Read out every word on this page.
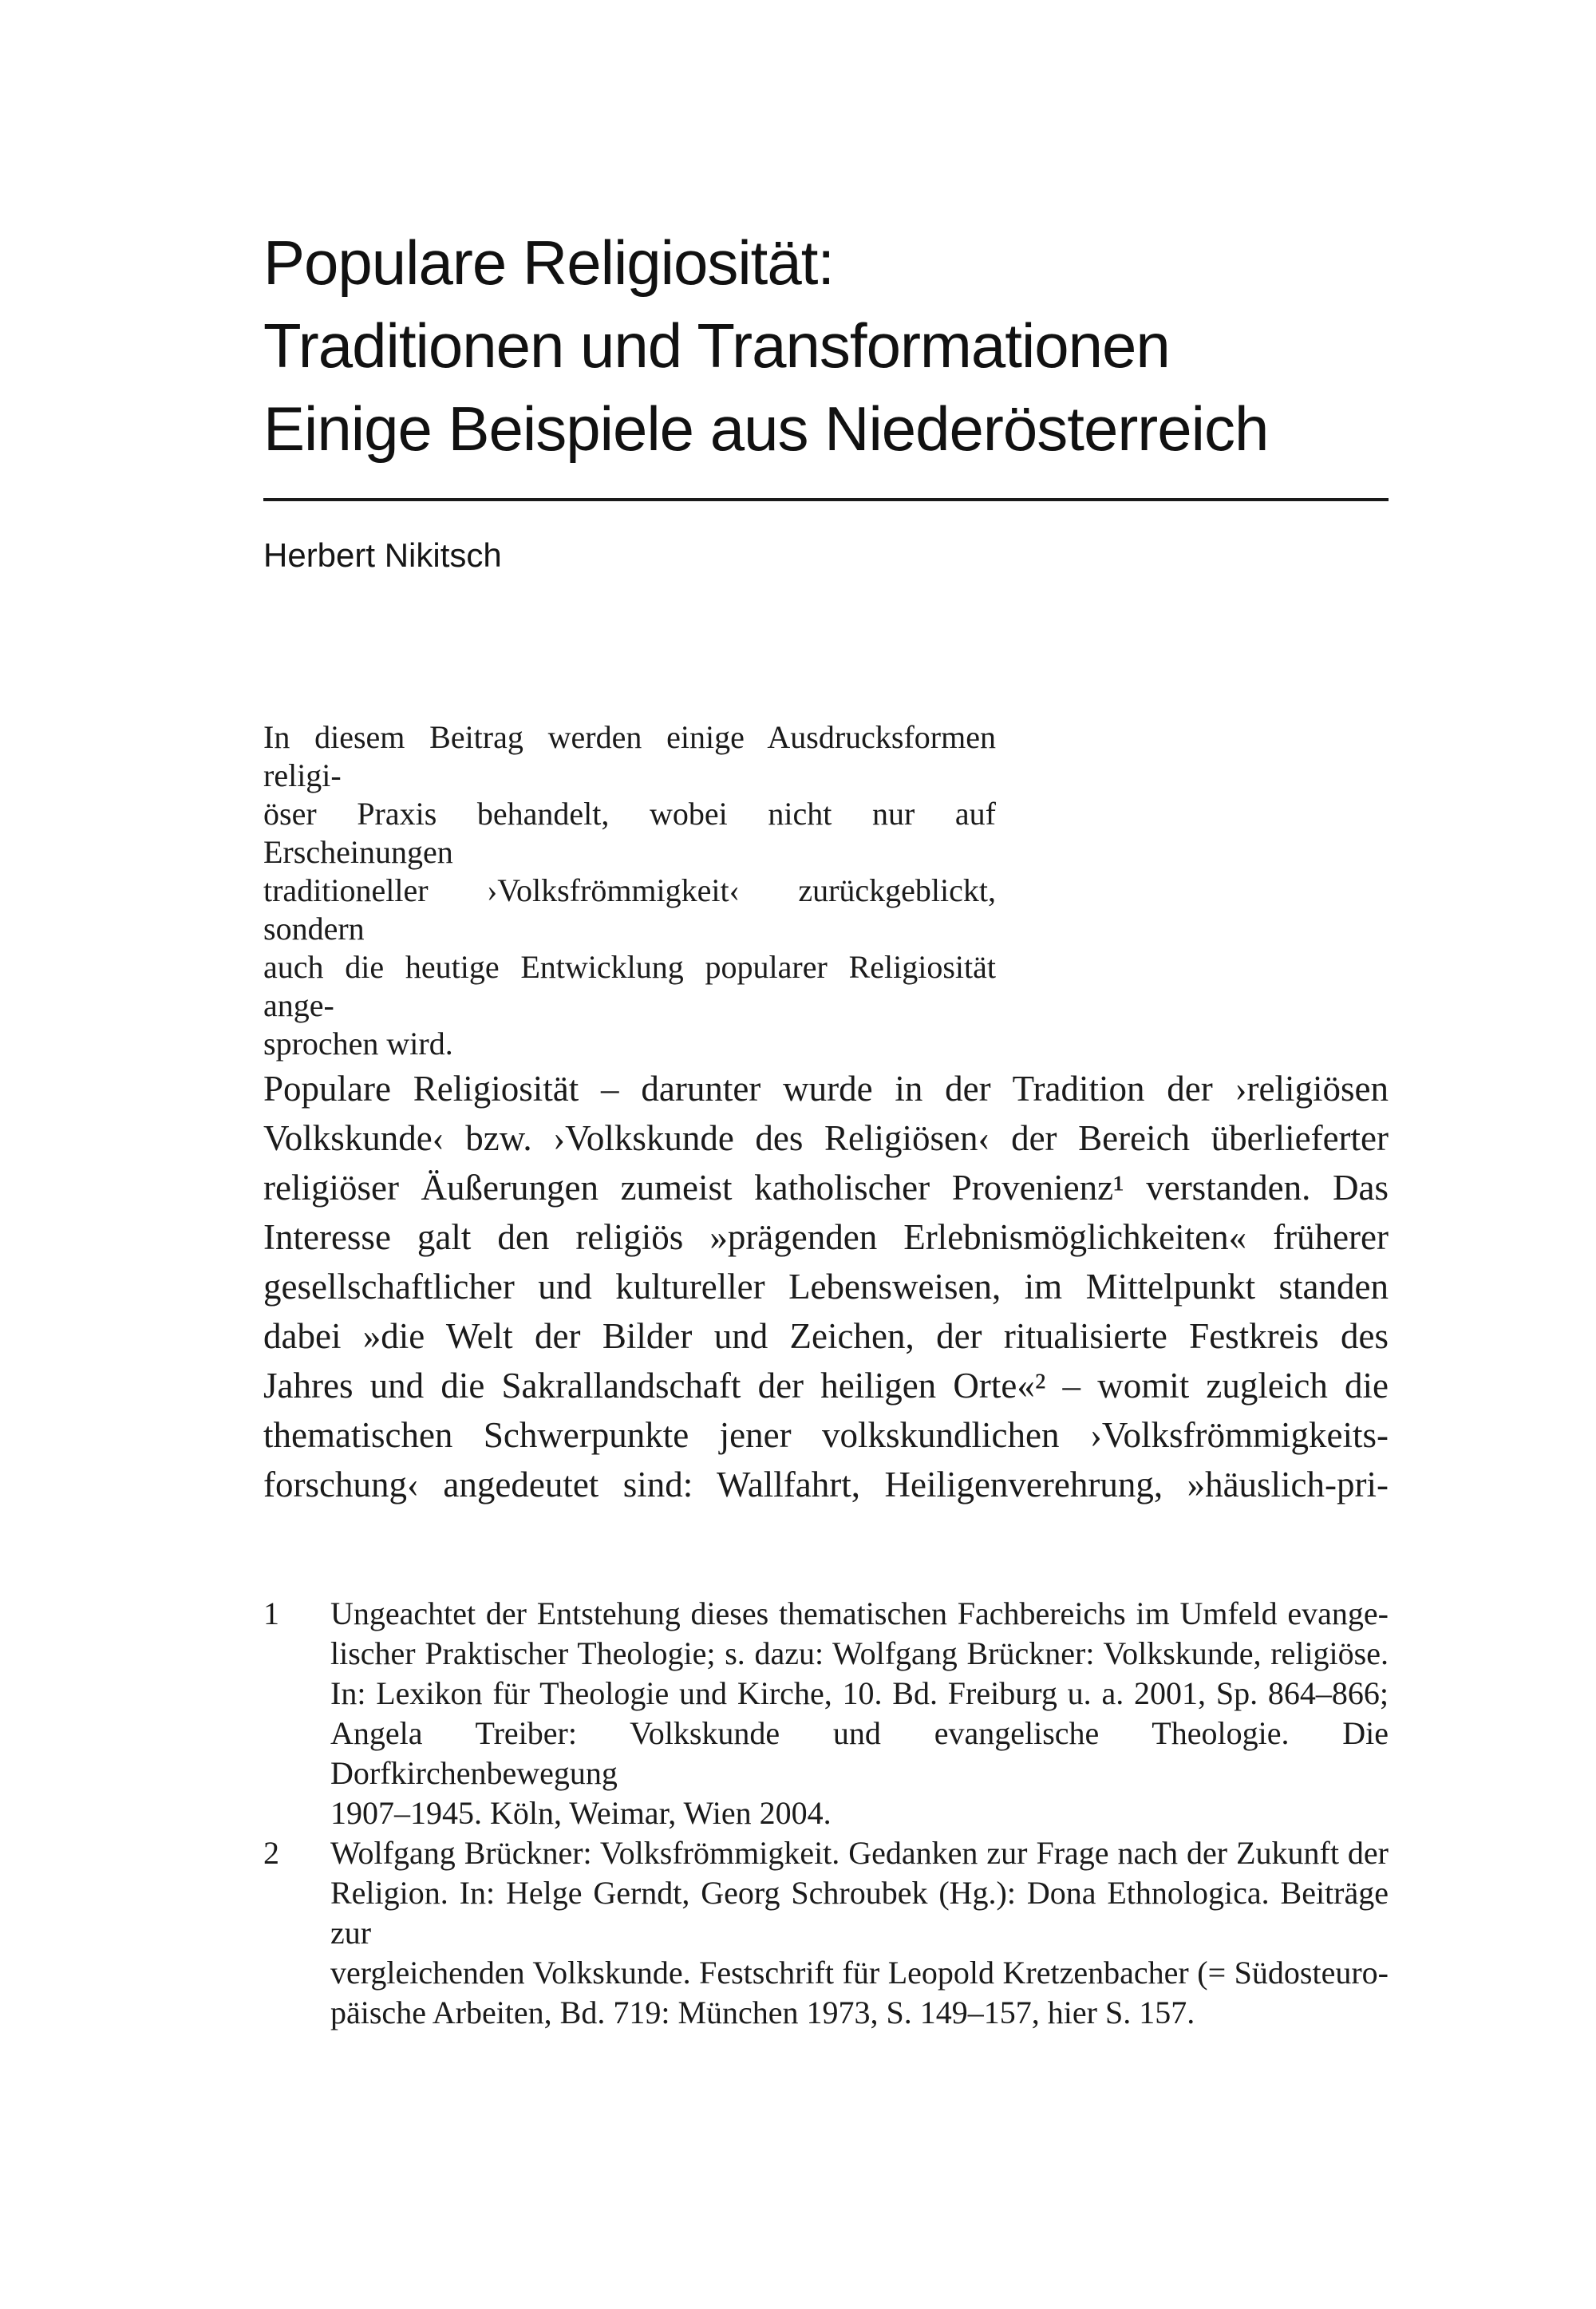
Populare Religiosität:
Traditionen und Transformationen
Einige Beispiele aus Niederösterreich
Herbert Nikitsch
In diesem Beitrag werden einige Ausdrucksformen religi-
öser Praxis behandelt, wobei nicht nur auf Erscheinungen
traditioneller ›Volksfrömmigkeit‹ zurückgeblickt, sondern
auch die heutige Entwicklung popularer Religiosität ange-
sprochen wird.
Populare Religiosität – darunter wurde in der Tradition der ›religiösen
Volkskunde‹ bzw. ›Volkskunde des Religiösen‹ der Bereich überlieferter
religiöser Äußerungen zumeist katholischer Provenienz¹ verstanden. Das
Interesse galt den religiös »prägenden Erlebnismöglichkeiten« früherer
gesellschaftlicher und kultureller Lebensweisen, im Mittelpunkt standen
dabei »die Welt der Bilder und Zeichen, der ritualisierte Festkreis des
Jahres und die Sakrallandschaft der heiligen Orte«² – womit zugleich die
thematischen Schwerpunkte jener volkskundlichen ›Volksfrömmigkeits-
forschung‹ angedeutet sind: Wallfahrt, Heiligenverehrung, »häuslich-pri-
1	Ungeachtet der Entstehung dieses thematischen Fachbereichs im Umfeld evange-
lischer Praktischer Theologie; s. dazu: Wolfgang Brückner: Volkskunde, religiöse.
In: Lexikon für Theologie und Kirche, 10. Bd. Freiburg u. a. 2001, Sp. 864–866;
Angela Treiber: Volkskunde und evangelische Theologie. Die Dorfkirchenbewegung
1907–1945. Köln, Weimar, Wien 2004.
2	Wolfgang Brückner: Volksfrömmigkeit. Gedanken zur Frage nach der Zukunft der
Religion. In: Helge Gerndt, Georg Schroubek (Hg.): Dona Ethnologica. Beiträge zur
vergleichenden Volkskunde. Festschrift für Leopold Kretzenbacher (= Südosteuro-
päische Arbeiten, Bd. 719: München 1973, S. 149–157, hier S. 157.
